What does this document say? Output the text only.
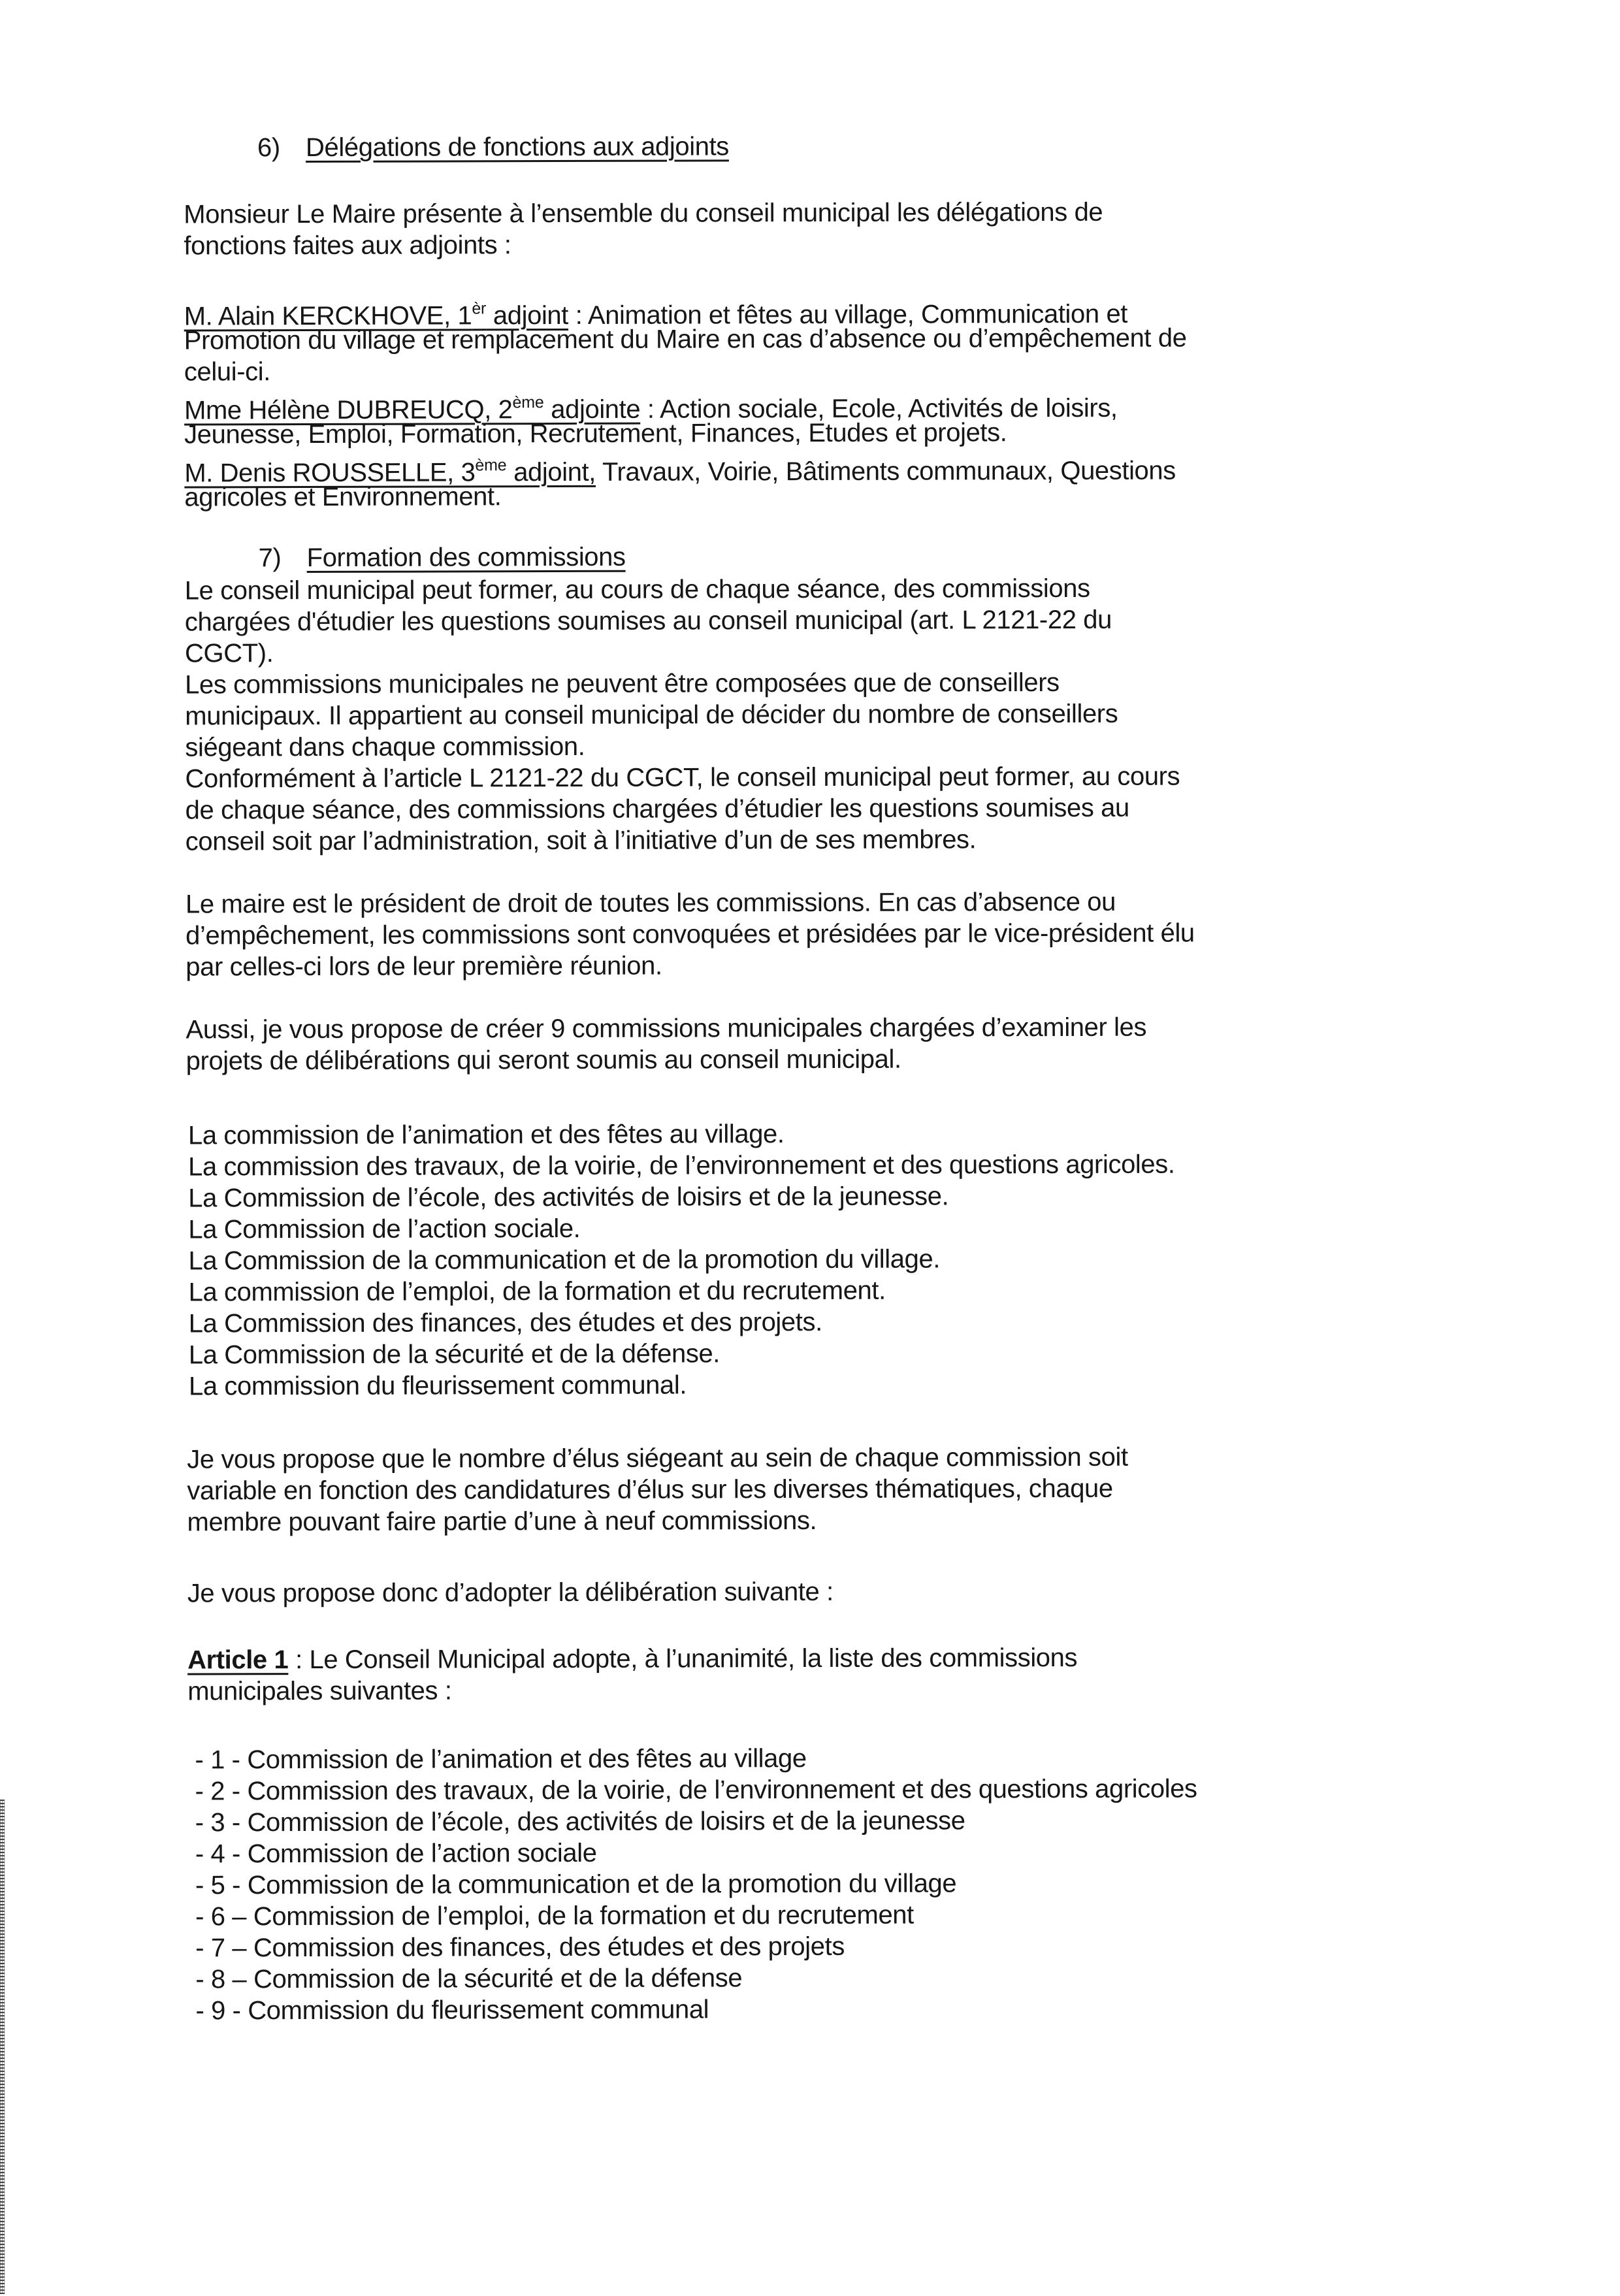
6) Délégations de fonctions aux adjoints
Monsieur Le Maire présente à l’ensemble du conseil municipal les délégations de
fonctions faites aux adjoints :
M. Alain KERCKHOVE, $1^{èr}$ adjoint : Animation et fêtes au village, Communication et
Promotion du village et remplacement du Maire en cas d’absence ou d’empêchement de
celui-ci.
Mme Hélène DUBREUCQ, 2ème adjointe : Action sociale, Ecole, Activités de loisirs,
Jeunesse, Emploi, Formation, Recrutement, Finances, Etudes et projets.
M. Denis ROUSSELLE, 3ème adjoint, Travaux, Voirie, Bâtiments communaux, Questions
agricoles et Environnement.
7) Formation des commissions
Le conseil municipal peut former, au cours de chaque séance, des commissions
chargées d'étudier les questions soumises au conseil municipal (art. L 2121-22 du
CGCT).
Les commissions municipales ne peuvent être composées que de conseillers
municipaux. Il appartient au conseil municipal de décider du nombre de conseillers
siégeant dans chaque commission.
Conformément à l’article L 2121-22 du CGCT, le conseil municipal peut former, au cours
de chaque séance, des commissions chargées d’étudier les questions soumises au
conseil soit par l’administration, soit à l’initiative d’un de ses membres.
Le maire est le président de droit de toutes les commissions. En cas d’absence ou
d’empêchement, les commissions sont convoquées et présidées par le vice-président élu
par celles-ci lors de leur première réunion.
Aussi, je vous propose de créer 9 commissions municipales chargées d’examiner les
projets de délibérations qui seront soumis au conseil municipal.
La commission de l’animation et des fêtes au village.
La commission des travaux, de la voirie, de l’environnement et des questions agricoles.
La Commission de l’école, des activités de loisirs et de la jeunesse.
La Commission de l’action sociale.
La Commission de la communication et de la promotion du village.
La commission de l’emploi, de la formation et du recrutement.
La Commission des finances, des études et des projets.
La Commission de la sécurité et de la défense.
La commission du fleurissement communal.
Je vous propose que le nombre d’élus siégeant au sein de chaque commission soit
variable en fonction des candidatures d’élus sur les diverses thématiques, chaque
membre pouvant faire partie d’une à neuf commissions.
Je vous propose donc d’adopter la délibération suivante :
Article 1 : Le Conseil Municipal adopte, à l’unanimité, la liste des commissions
municipales suivantes :
- 1 - Commission de l’animation et des fêtes au village
- 2 - Commission des travaux, de la voirie, de l’environnement et des questions agricoles
- 3 - Commission de l’école, des activités de loisirs et de la jeunesse
- 4 - Commission de l’action sociale
- 5 - Commission de la communication et de la promotion du village
- 6 – Commission de l’emploi, de la formation et du recrutement
- 7 – Commission des finances, des études et des projets
- 8 – Commission de la sécurité et de la défense
- 9 - Commission du fleurissement communal
